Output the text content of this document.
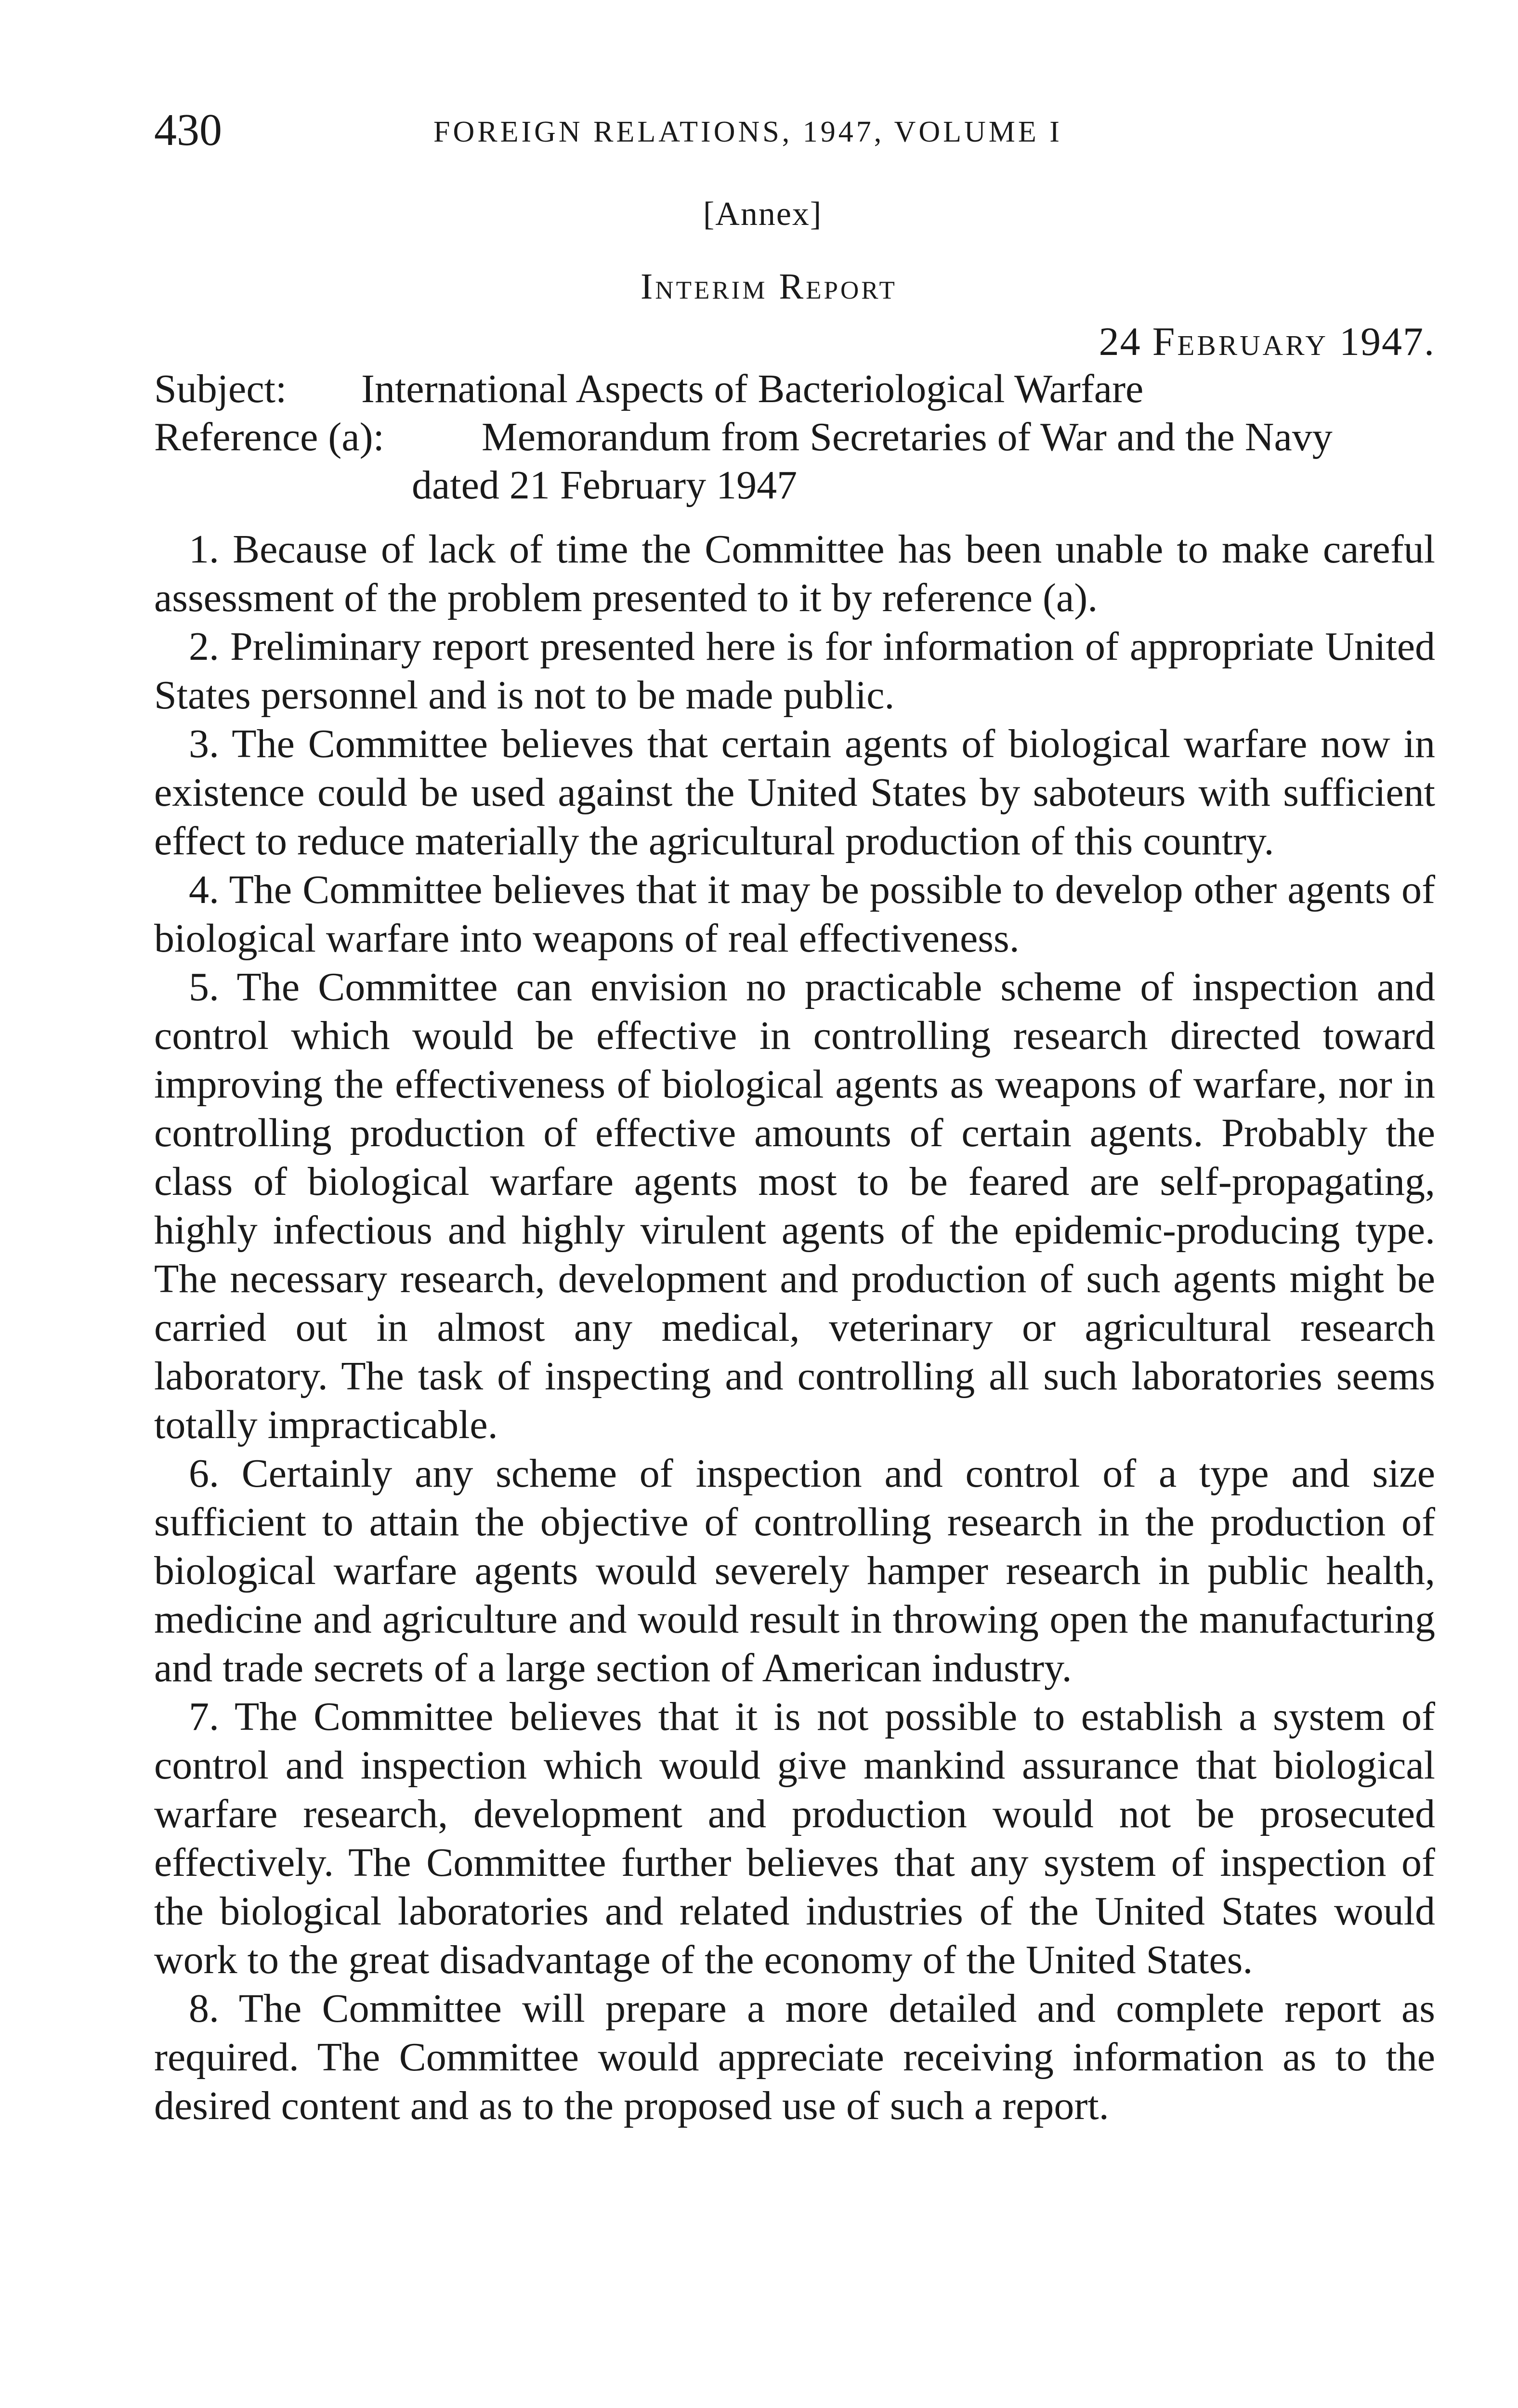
430	FOREIGN RELATIONS, 1947, VOLUME I
[Annex]
Interim Report
24 February 1947.
Subject: International Aspects of Bacteriological Warfare
Reference (a): Memorandum from Secretaries of War and the Navy
dated 21 February 1947

1. Because of lack of time the Committee has been unable to make careful assessment of the problem presented to it by reference (a).

2. Preliminary report presented here is for information of appropriate United States personnel and is not to be made public.

3. The Committee believes that certain agents of biological warfare now in existence could be used against the United States by saboteurs with sufficient effect to reduce materially the agricultural production of this country.

4. The Committee believes that it may be possible to develop other agents of biological warfare into weapons of real effectiveness.

5. The Committee can envision no practicable scheme of inspection and control which would be effective in controlling research directed toward improving the effectiveness of biological agents as weapons of warfare, nor in controlling production of effective amounts of certain agents. Probably the class of biological warfare agents most to be feared are self-propagating, highly infectious and highly virulent agents of the epidemic-producing type. The necessary research, development and production of such agents might be carried out in almost any medical, veterinary or agricultural research laboratory. The task of inspecting and controlling all such laboratories seems totally impracticable.

6. Certainly any scheme of inspection and control of a type and size sufficient to attain the objective of controlling research in the production of biological warfare agents would severely hamper research in public health, medicine and agriculture and would result in throwing open the manufacturing and trade secrets of a large section of American industry.

7. The Committee believes that it is not possible to establish a system of control and inspection which would give mankind assurance that biological warfare research, development and production would not be prosecuted effectively. The Committee further believes that any system of inspection of the biological laboratories and related industries of the United States would work to the great disadvantage of the economy of the United States.

8. The Committee will prepare a more detailed and complete report as required. The Committee would appreciate receiving information as to the desired content and as to the proposed use of such a report.
